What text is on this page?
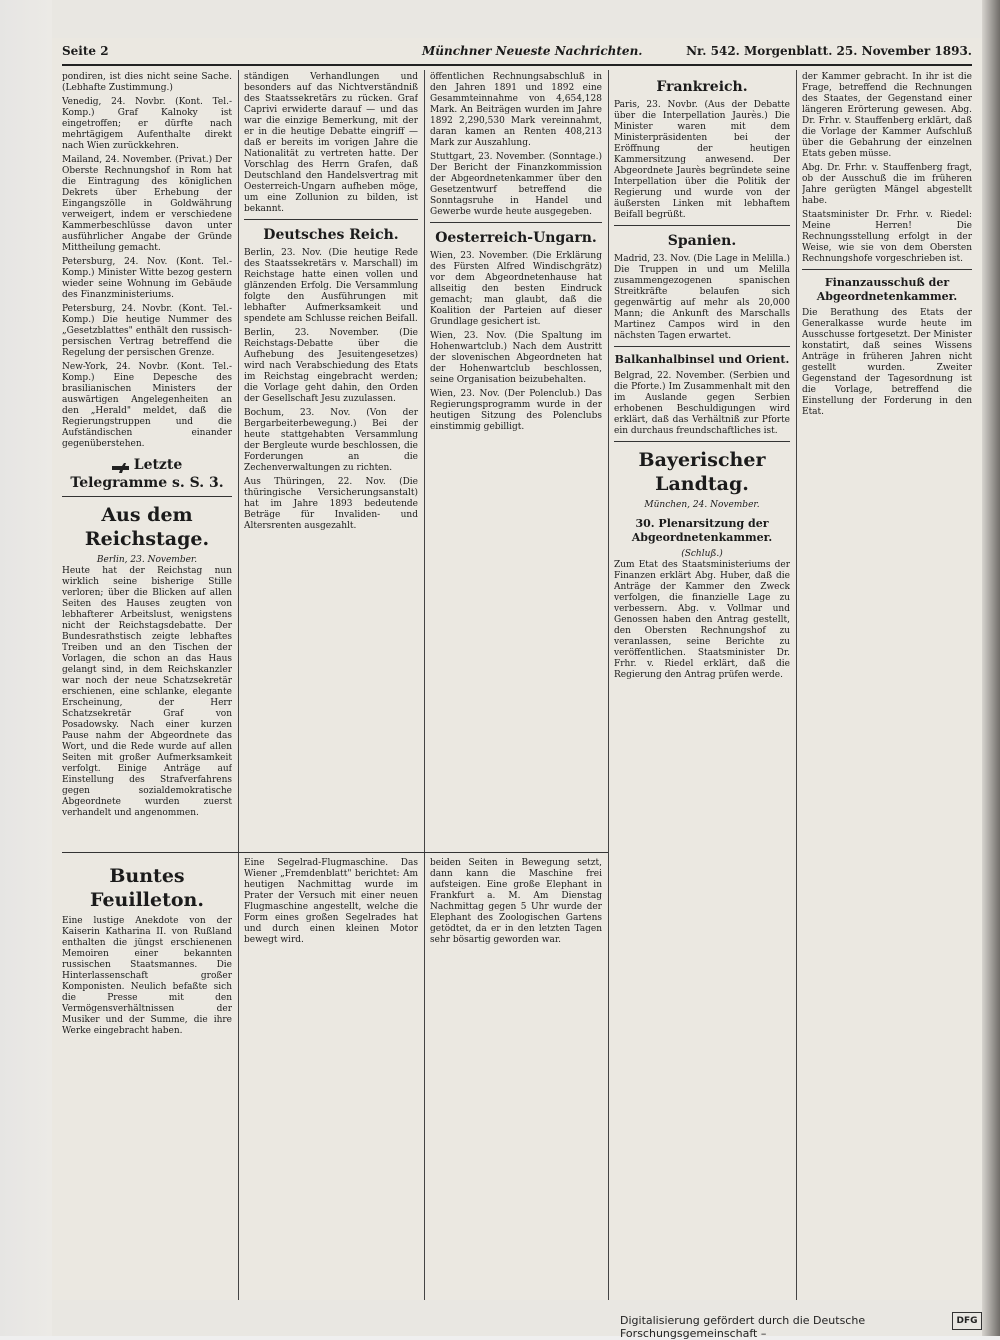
Seite 2	Münchner Neueste Nachrichten.	Nr. 542. Morgenblatt. 25. November 1893.

pondiren, ist dies nicht seine Sache. (Lebhafte Zustimmung.)

Venedig, 24. Novbr. (Kont. Tel.-Komp.) Graf Kalnoky ist eingetroffen; er dürfte nach mehrtägigem Aufenthalte direkt nach Wien zurückkehren.

Mailand, 24. November. (Privat.) Der Oberste Rechnungshof in Rom hat die Eintragung des königlichen Dekrets über Erhebung der Eingangszölle in Goldwährung verweigert, indem er verschiedene Kammerbeschlüsse davon unter ausführlicher Angabe der Gründe Mittheilung gemacht.

Petersburg, 24. Nov. (Kont. Tel.-Komp.) Minister Witte bezog gestern wieder seine Wohnung im Gebäude des Finanzministeriums.

Petersburg, 24. Novbr. (Kont. Tel.-Komp.) Die heutige Nummer des „Gesetzblattes" enthält den russisch-persischen Vertrag betreffend die Regelung der persischen Grenze.

New-York, 24. Novbr. (Kont. Tel.-Komp.) Eine Depesche des brasilianischen Ministers der auswärtigen Angelegenheiten an den „Herald" meldet, daß die Regierungstruppen und die Aufständischen einander gegenüberstehen.

Letzte Telegramme s. S. 3.
Aus dem Reichstage.
Berlin, 23. November.

Heute hat der Reichstag nun wirklich seine bisherige Stille verloren; über die Blicken auf allen Seiten des Hauses zeugten von lebhafterer Arbeitslust, wenigstens nicht der Reichstagsdebatte. Der Bundesrathstisch zeigte lebhaftes Treiben und an den Tischen der Vorlagen, die schon an das Haus gelangt sind, in dem Reichskanzler war noch der neue Schatzsekretär erschienen, eine schlanke, elegante Erscheinung, der Herr Schatzsekretär Graf von Posadowsky. Nach einer kurzen Pause nahm der Abgeordnete das Wort, und die Rede wurde auf allen Seiten mit großer Aufmerksamkeit verfolgt. Einige Anträge auf Einstellung des Strafverfahrens gegen sozialdemokratische Abgeordnete wurden zuerst verhandelt und angenommen.

ständigen Verhandlungen und besonders auf das Nichtverständniß des Staatssekretärs zu rücken. Graf Caprivi erwiderte darauf — und das war die einzige Bemerkung, mit der er in die heutige Debatte eingriff — daß er bereits im vorigen Jahre die Nationalität zu vertreten hatte. Der Vorschlag des Herrn Grafen, daß Deutschland den Handelsvertrag mit Oesterreich-Ungarn aufheben möge, um eine Zollunion zu bilden, ist bekannt.

Deutsches Reich.

Berlin, 23. Nov. (Die heutige Rede des Staatssekretärs v. Marschall) im Reichstage hatte einen vollen und glänzenden Erfolg. Die Versammlung folgte den Ausführungen mit lebhafter Aufmerksamkeit und spendete am Schlusse reichen Beifall.

Berlin, 23. November. (Die Reichstags-Debatte über die Aufhebung des Jesuitengesetzes) wird nach Verabschiedung des Etats im Reichstag eingebracht werden; die Vorlage geht dahin, den Orden der Gesellschaft Jesu zuzulassen.

Bochum, 23. Nov. (Von der Bergarbeiterbewegung.) Bei der heute stattgehabten Versammlung der Bergleute wurde beschlossen, die Forderungen an die Zechenverwaltungen zu richten.

Aus Thüringen, 22. Nov. (Die thüringische Versicherungsanstalt) hat im Jahre 1893 bedeutende Beträge für Invaliden- und Altersrenten ausgezahlt.

öffentlichen Rechnungsabschluß in den Jahren 1891 und 1892 eine Gesammteinnahme von 4,654,128 Mark. An Beiträgen wurden im Jahre 1892 2,290,530 Mark vereinnahmt, daran kamen an Renten 408,213 Mark zur Auszahlung.

Stuttgart, 23. November. (Sonntage.) Der Bericht der Finanzkommission der Abgeordnetenkammer über den Gesetzentwurf betreffend die Sonntagsruhe in Handel und Gewerbe wurde heute ausgegeben.

Oesterreich-Ungarn.

Wien, 23. November. (Die Erklärung des Fürsten Alfred Windischgrätz) vor dem Abgeordnetenhause hat allseitig den besten Eindruck gemacht; man glaubt, daß die Koalition der Parteien auf dieser Grundlage gesichert ist.

Wien, 23. Nov. (Die Spaltung im Hohenwartclub.) Nach dem Austritt der slovenischen Abgeordneten hat der Hohenwartclub beschlossen, seine Organisation beizubehalten.

Wien, 23. Nov. (Der Polenclub.) Das Regierungsprogramm wurde in der heutigen Sitzung des Polenclubs einstimmig gebilligt.

Frankreich.

Paris, 23. Novbr. (Aus der Debatte über die Interpellation Jaurès.) Die Minister waren mit dem Ministerpräsidenten bei der Eröffnung der heutigen Kammersitzung anwesend. Der Abgeordnete Jaurès begründete seine Interpellation über die Politik der Regierung und wurde von der äußersten Linken mit lebhaftem Beifall begrüßt.

Spanien.

Madrid, 23. Nov. (Die Lage in Melilla.) Die Truppen in und um Melilla zusammengezogenen spanischen Streitkräfte belaufen sich gegenwärtig auf mehr als 20,000 Mann; die Ankunft des Marschalls Martinez Campos wird in den nächsten Tagen erwartet.

Balkanhalbinsel und Orient.

Belgrad, 22. November. (Serbien und die Pforte.) Im Zusammenhalt mit den im Auslande gegen Serbien erhobenen Beschuldigungen wird erklärt, daß das Verhältniß zur Pforte ein durchaus freundschaftliches ist.

Bayerischer Landtag.
München, 24. November.
30. Plenarsitzung der Abgeordnetenkammer.
(Schluß.)

Zum Etat des Staatsministeriums der Finanzen erklärt Abg. Huber, daß die Anträge der Kammer den Zweck verfolgen, die finanzielle Lage zu verbessern. Abg. v. Vollmar und Genossen haben den Antrag gestellt, den Obersten Rechnungshof zu veranlassen, seine Berichte zu veröffentlichen. Staatsminister Dr. Frhr. v. Riedel erklärt, daß die Regierung den Antrag prüfen werde.

der Kammer gebracht. In ihr ist die Frage, betreffend die Rechnungen des Staates, der Gegenstand einer längeren Erörterung gewesen. Abg. Dr. Frhr. v. Stauffenberg erklärt, daß die Vorlage der Kammer Aufschluß über die Gebahrung der einzelnen Etats geben müsse.

Abg. Dr. Frhr. v. Stauffenberg fragt, ob der Ausschuß die im früheren Jahre gerügten Mängel abgestellt habe.

Staatsminister Dr. Frhr. v. Riedel: Meine Herren! Die Rechnungsstellung erfolgt in der Weise, wie sie von dem Obersten Rechnungshofe vorgeschrieben ist.

Finanzausschuß der Abgeordnetenkammer.

Die Berathung des Etats der Generalkasse wurde heute im Ausschusse fortgesetzt. Der Minister konstatirt, daß seines Wissens Anträge in früheren Jahren nicht gestellt wurden. Zweiter Gegenstand der Tagesordnung ist die Vorlage, betreffend die Einstellung der Forderung in den Etat.

Buntes Feuilleton.

Eine lustige Anekdote von der Kaiserin Katharina II. von Rußland enthalten die jüngst erschienenen Memoiren einer bekannten russischen Staatsmannes. Die Hinterlassenschaft großer Komponisten. Neulich befaßte sich die Presse mit den Vermögensverhältnissen der Musiker und der Summe, die ihre Werke eingebracht haben.

Eine Segelrad-Flugmaschine. Das Wiener „Fremdenblatt" berichtet: Am heutigen Nachmittag wurde im Prater der Versuch mit einer neuen Flugmaschine angestellt, welche die Form eines großen Segelrades hat und durch einen kleinen Motor bewegt wird.

beiden Seiten in Bewegung setzt, dann kann die Maschine frei aufsteigen. Eine große Elephant in Frankfurt a. M. Am Dienstag Nachmittag gegen 5 Uhr wurde der Elephant des Zoologischen Gartens getödtet, da er in den letzten Tagen sehr bösartig geworden war.

Digitalisierung gefördert durch die Deutsche Forschungsgemeinschaft –
DFG
